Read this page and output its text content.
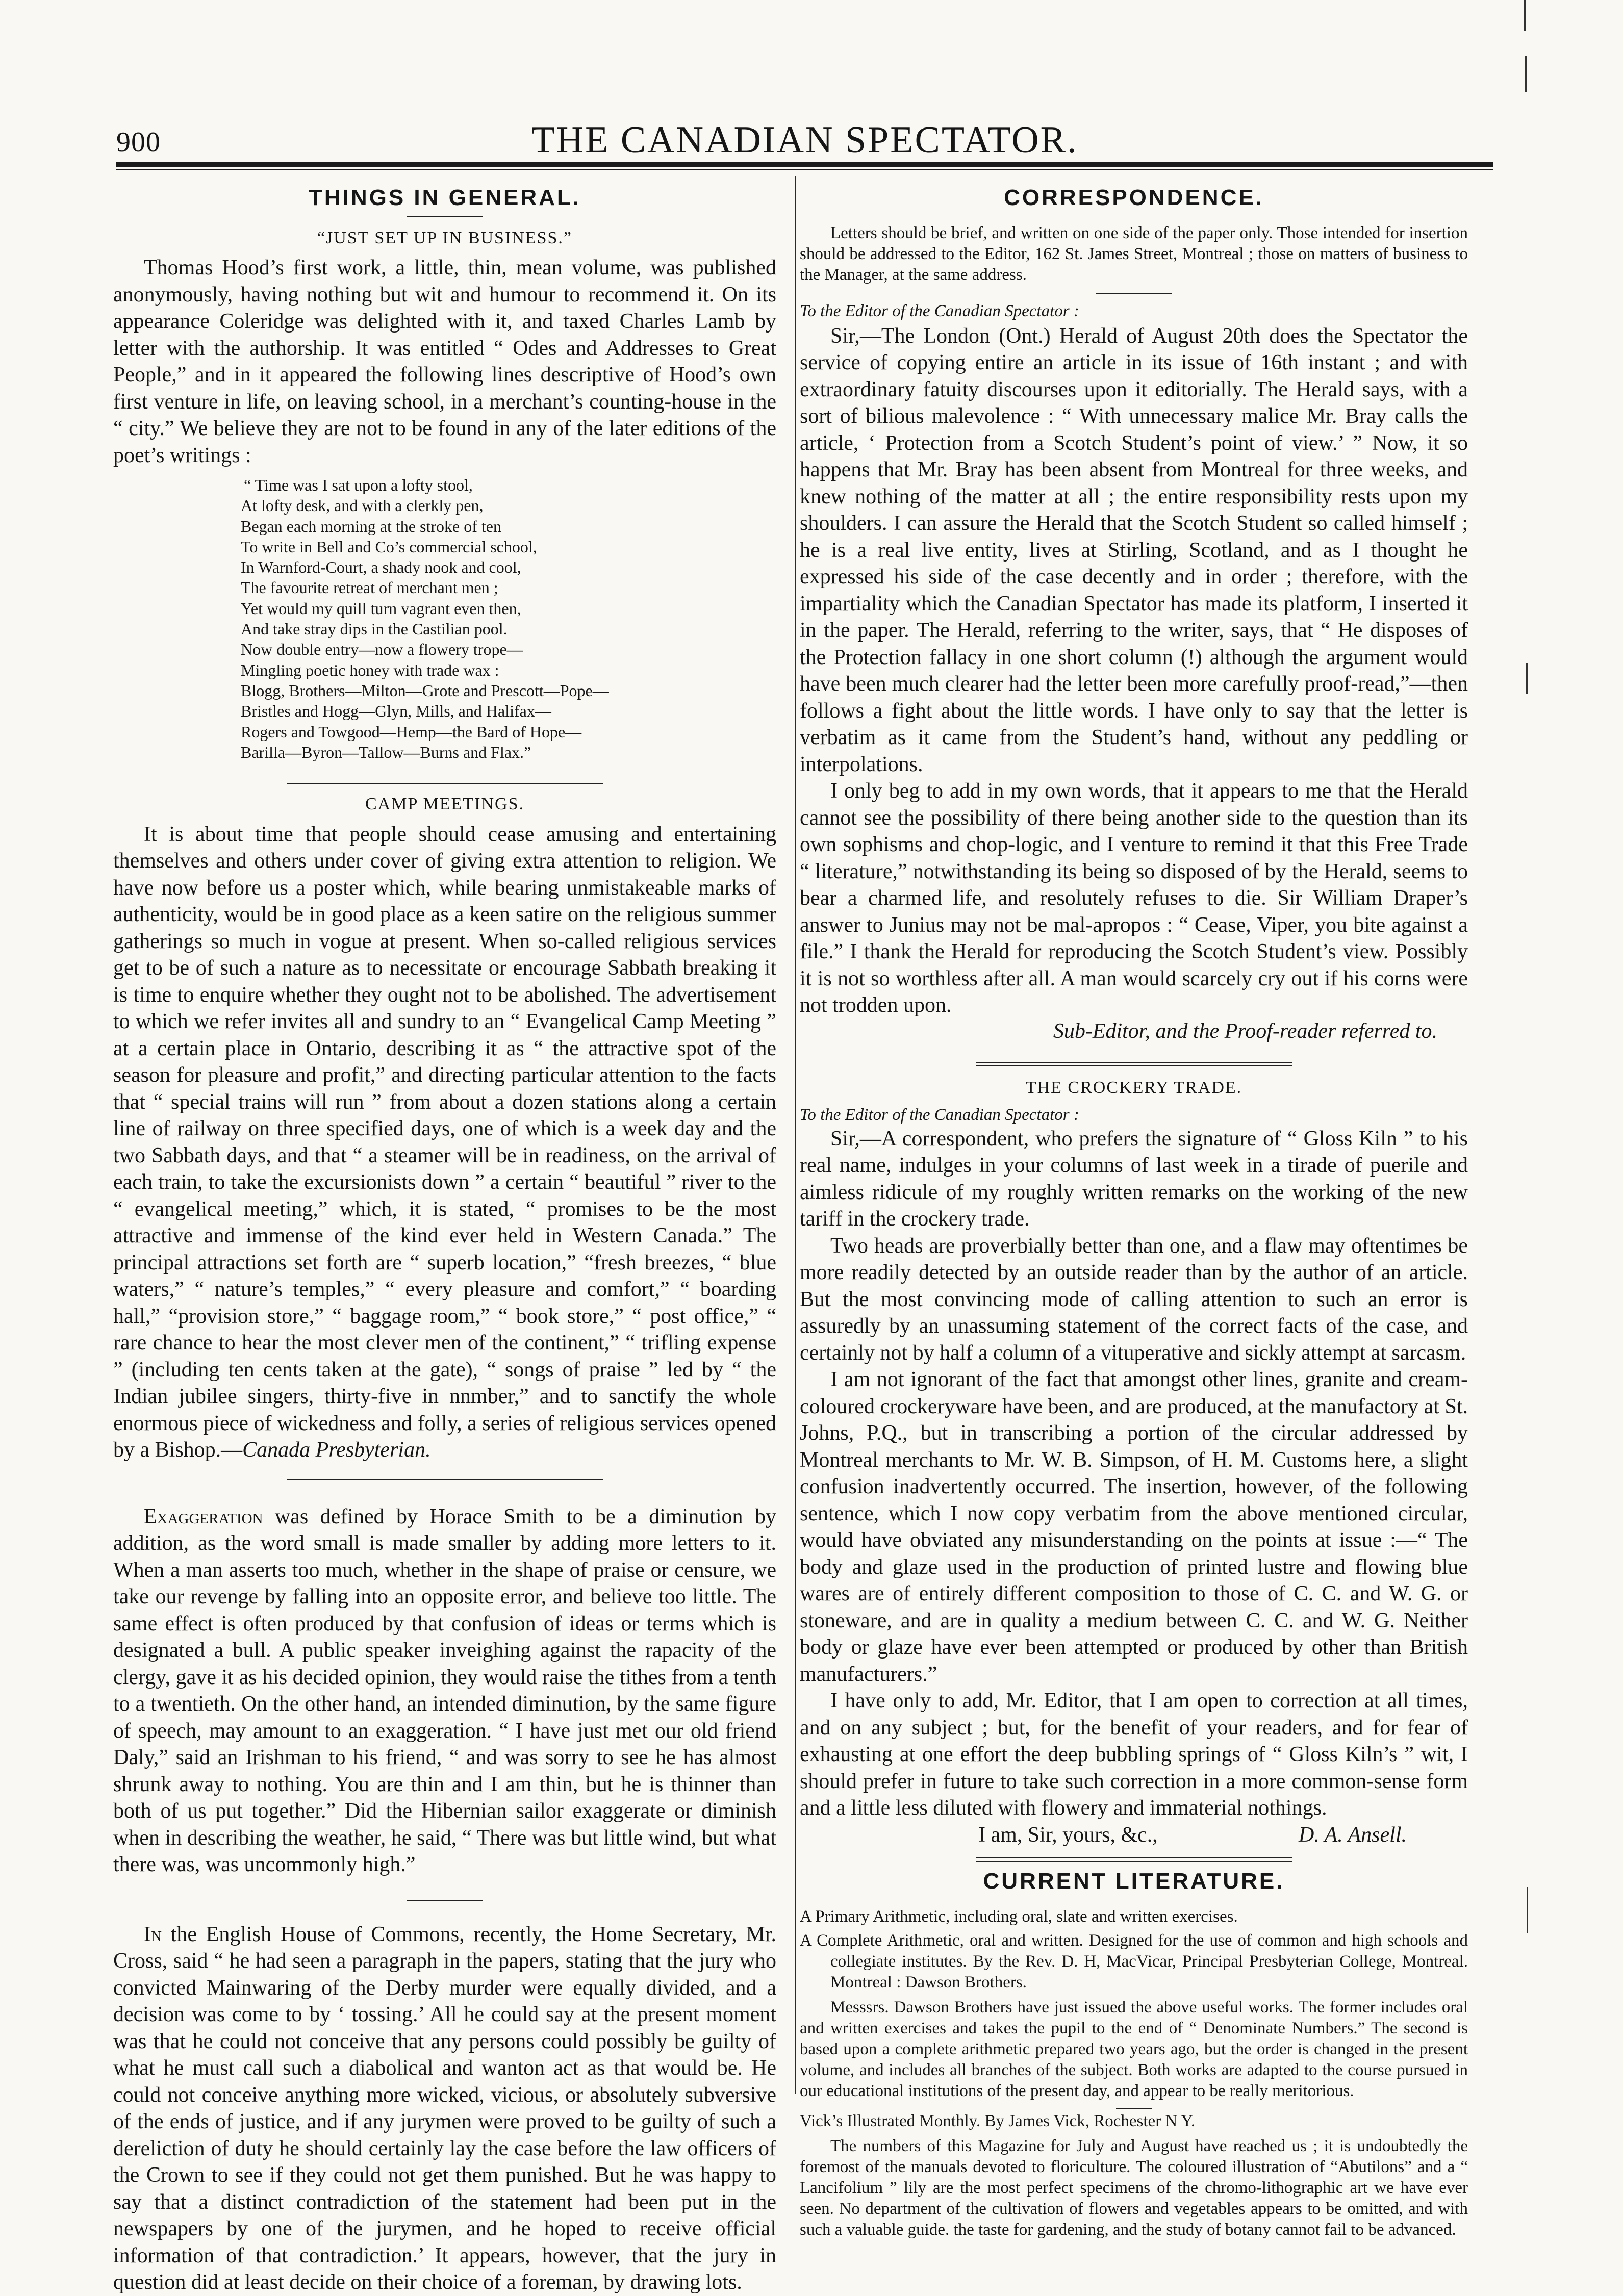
900	THE CANADIAN SPECTATOR.
THINGS IN GENERAL.
“JUST SET UP IN BUSINESS.”

Thomas Hood’s first work, a little, thin, mean volume, was published anonymously, having nothing but wit and humour to recommend it. On its appearance Coleridge was delighted with it, and taxed Charles Lamb by letter with the authorship. It was entitled “ Odes and Addresses to Great People,” and in it appeared the following lines descriptive of Hood’s own first venture in life, on leaving school, in a merchant’s counting-house in the “ city.” We believe they are not to be found in any of the later editions of the poet’s writings :

“ Time was I sat upon a lofty stool,
At lofty desk, and with a clerkly pen,
Began each morning at the stroke of ten
To write in Bell and Co’s commercial school,
In Warnford-Court, a shady nook and cool,
The favourite retreat of merchant men ;
Yet would my quill turn vagrant even then,
And take stray dips in the Castilian pool.
Now double entry—now a flowery trope—
Mingling poetic honey with trade wax :
Blogg, Brothers—Milton—Grote and Prescott—Pope—
Bristles and Hogg—Glyn, Mills, and Halifax—
Rogers and Towgood—Hemp—the Bard of Hope—
Barilla—Byron—Tallow—Burns and Flax.”
CAMP MEETINGS.

It is about time that people should cease amusing and entertaining themselves and others under cover of giving extra attention to religion. We have now before us a poster which, while bearing unmistakeable marks of authenticity, would be in good place as a keen satire on the religious summer gatherings so much in vogue at present. When so-called religious services get to be of such a nature as to necessitate or encourage Sabbath breaking it is time to enquire whether they ought not to be abolished. The advertisement to which we refer invites all and sundry to an “ Evangelical Camp Meeting ” at a certain place in Ontario, describing it as “ the attractive spot of the season for pleasure and profit,” and directing particular attention to the facts that “ special trains will run ” from about a dozen stations along a certain line of railway on three specified days, one of which is a week day and the two Sabbath days, and that “ a steamer will be in readiness, on the arrival of each train, to take the excursionists down ” a certain “ beautiful ” river to the “ evangelical meeting,” which, it is stated, “ promises to be the most attractive and immense of the kind ever held in Western Canada.” The principal attractions set forth are “ superb location,” “fresh breezes, “ blue waters,” “ nature’s temples,” “ every pleasure and comfort,” “ boarding hall,” “provision store,” “ baggage room,” “ book store,” “ post office,” “ rare chance to hear the most clever men of the continent,” “ trifling expense ” (including ten cents taken at the gate), “ songs of praise ” led by “ the Indian jubilee singers, thirty-five in nnmber,” and to sanctify the whole enormous piece of wickedness and folly, a series of religious services opened by a Bishop.—Canada Presbyterian.

Exaggeration was defined by Horace Smith to be a diminution by addition, as the word small is made smaller by adding more letters to it. When a man asserts too much, whether in the shape of praise or censure, we take our revenge by falling into an opposite error, and believe too little. The same effect is often produced by that confusion of ideas or terms which is designated a bull. A public speaker inveighing against the rapacity of the clergy, gave it as his decided opinion, they would raise the tithes from a tenth to a twentieth. On the other hand, an intended diminution, by the same figure of speech, may amount to an exaggeration. “ I have just met our old friend Daly,” said an Irishman to his friend, “ and was sorry to see he has almost shrunk away to nothing. You are thin and I am thin, but he is thinner than both of us put together.” Did the Hibernian sailor exaggerate or diminish when in describing the weather, he said, “ There was but little wind, but what there was, was uncommonly high.”

In the English House of Commons, recently, the Home Secretary, Mr. Cross, said “ he had seen a paragraph in the papers, stating that the jury who convicted Mainwaring of the Derby murder were equally divided, and a decision was come to by ‘ tossing.’ All he could say at the present moment was that he could not conceive that any persons could possibly be guilty of what he must call such a diabolical and wanton act as that would be. He could not conceive anything more wicked, vicious, or absolutely subversive of the ends of justice, and if any jurymen were proved to be guilty of such a dereliction of duty he should certainly lay the case before the law officers of the Crown to see if they could not get them punished. But he was happy to say that a distinct contradiction of the statement had been put in the newspapers by one of the jurymen, and he hoped to receive official information of that contradiction.’ It appears, however, that the jury in question did at least decide on their choice of a foreman, by drawing lots.

CORRESPONDENCE.
Letters should be brief, and written on one side of the paper only. Those intended for insertion should be addressed to the Editor, 162 St. James Street, Montreal ; those on matters of business to the Manager, at the same address.
To the Editor of the Canadian Spectator :

Sir,—The London (Ont.) Herald of August 20th does the Spectator the service of copying entire an article in its issue of 16th instant ; and with extraordinary fatuity discourses upon it editorially. The Herald says, with a sort of bilious malevolence : “ With unnecessary malice Mr. Bray calls the article, ‘ Protection from a Scotch Student’s point of view.’ ” Now, it so happens that Mr. Bray has been absent from Montreal for three weeks, and knew nothing of the matter at all ; the entire responsibility rests upon my shoulders. I can assure the Herald that the Scotch Student so called himself ; he is a real live entity, lives at Stirling, Scotland, and as I thought he expressed his side of the case decently and in order ; therefore, with the impartiality which the Canadian Spectator has made its platform, I inserted it in the paper. The Herald, referring to the writer, says, that “ He disposes of the Protection fallacy in one short column (!) although the argument would have been much clearer had the letter been more carefully proof-read,”—then follows a fight about the little words. I have only to say that the letter is verbatim as it came from the Student’s hand, without any peddling or interpolations.

I only beg to add in my own words, that it appears to me that the Herald cannot see the possibility of there being another side to the question than its own sophisms and chop-logic, and I venture to remind it that this Free Trade “ literature,” notwithstanding its being so disposed of by the Herald, seems to bear a charmed life, and resolutely refuses to die. Sir William Draper’s answer to Junius may not be mal-apropos : “ Cease, Viper, you bite against a file.” I thank the Herald for reproducing the Scotch Student’s view. Possibly it is not so worthless after all. A man would scarcely cry out if his corns were not trodden upon.

Sub-Editor, and the Proof-reader referred to.
THE CROCKERY TRADE.
To the Editor of the Canadian Spectator :

Sir,—A correspondent, who prefers the signature of “ Gloss Kiln ” to his real name, indulges in your columns of last week in a tirade of puerile and aimless ridicule of my roughly written remarks on the working of the new tariff in the crockery trade.

Two heads are proverbially better than one, and a flaw may oftentimes be more readily detected by an outside reader than by the author of an article. But the most convincing mode of calling attention to such an error is assuredly by an unassuming statement of the correct facts of the case, and certainly not by half a column of a vituperative and sickly attempt at sarcasm.

I am not ignorant of the fact that amongst other lines, granite and cream-coloured crockeryware have been, and are produced, at the manufactory at St. Johns, P.Q., but in transcribing a portion of the circular addressed by Montreal merchants to Mr. W. B. Simpson, of H. M. Customs here, a slight confusion inadvertently occurred. The insertion, however, of the following sentence, which I now copy verbatim from the above mentioned circular, would have obviated any misunderstanding on the points at issue :—“ The body and glaze used in the production of printed lustre and flowing blue wares are of entirely different composition to those of C. C. and W. G. or stoneware, and are in quality a medium between C. C. and W. G. Neither body or glaze have ever been attempted or produced by other than British manufacturers.”

I have only to add, Mr. Editor, that I am open to correction at all times, and on any subject ; but, for the benefit of your readers, and for fear of exhausting at one effort the deep bubbling springs of “ Gloss Kiln’s ” wit, I should prefer in future to take such correction in a more common-sense form and a little less diluted with flowery and immaterial nothings.

I am, Sir, yours, &c.,	D. A. Ansell.
CURRENT LITERATURE.

A Primary Arithmetic, including oral, slate and written exercises.

A Complete Arithmetic, oral and written. Designed for the use of common and high schools and collegiate institutes. By the Rev. D. H, MacVicar, Principal Presbyterian College, Montreal. Montreal : Dawson Brothers.

Messsrs. Dawson Brothers have just issued the above useful works. The former includes oral and written exercises and takes the pupil to the end of “ Denominate Numbers.” The second is based upon a complete arithmetic prepared two years ago, but the order is changed in the present volume, and includes all branches of the subject. Both works are adapted to the course pursued in our educational institutions of the present day, and appear to be really meritorious.

Vick’s Illustrated Monthly. By James Vick, Rochester N Y.

The numbers of this Magazine for July and August have reached us ; it is undoubtedly the foremost of the manuals devoted to floriculture. The coloured illustration of “Abutilons” and a “ Lancifolium ” lily are the most perfect specimens of the chromo-lithographic art we have ever seen. No department of the cultivation of flowers and vegetables appears to be omitted, and with such a valuable guide. the taste for gardening, and the study of botany cannot fail to be advanced.
